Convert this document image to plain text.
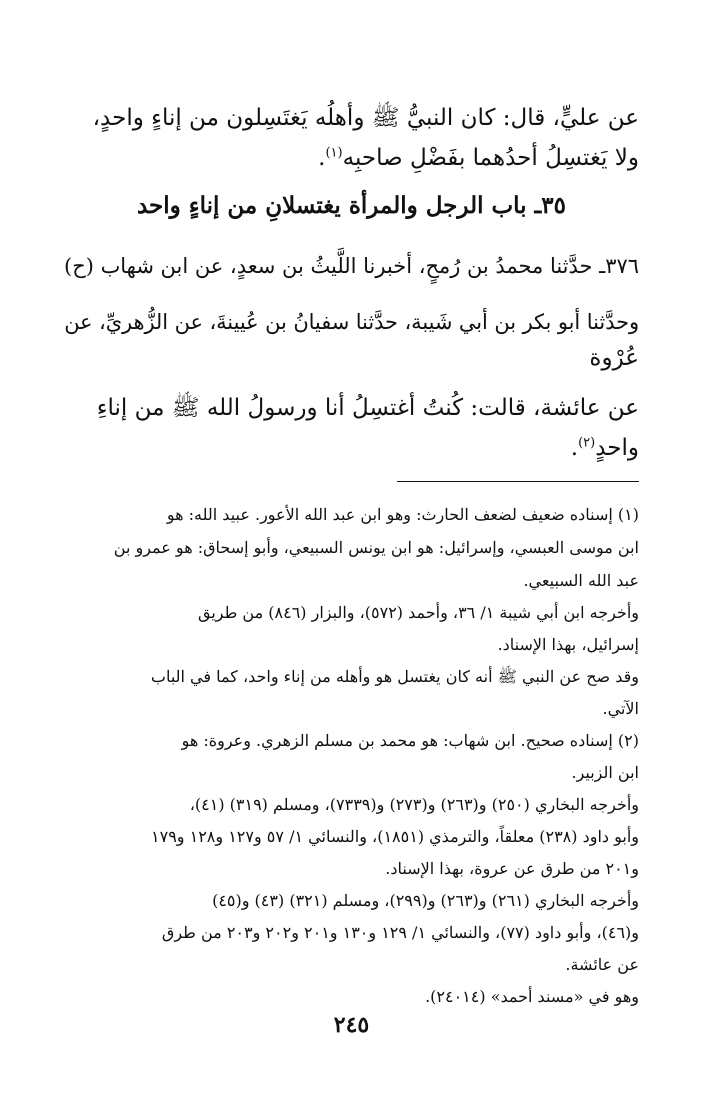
عن عليٍّ، قال: كان النبيُّ ﷺ وأهلُه يَغتَسِلون من إناءٍ واحدٍ،
ولا يَغتسِلُ أحدُهما بفَضْلِ صاحبِه$^{(١)}$.
٣٥ـ باب الرجل والمرأة يغتسلانِ من إناءٍ واحد
٣٧٦ـ حدَّثنا محمدُ بن رُمحٍ، أخبرنا اللَّيثُ بن سعدٍ، عن ابن شهاب (ح)
وحدَّثنا أبو بكر بن أبي شَيبة، حدَّثنا سفيانُ بن عُيينةَ، عن الزُّهريِّ، عن
عُرْوة
عن عائشة، قالت: كُنتُ أغتسِلُ أنا ورسولُ الله ﷺ من إناءِ
واحدٍ$^{(٢)}$.
(١) إسناده ضعيف لضعف الحارث: وهو ابن عبد الله الأعور. عبيد الله: هو
ابن موسى العبسي، وإسرائيل: هو ابن يونس السبيعي، وأبو إسحاق: هو عمرو بن
عبد الله السبيعي.
وأخرجه ابن أبي شيبة ١/ ٣٦، وأحمد (٥٧٢)، والبزار (٨٤٦) من طريق
إسرائيل، بهذا الإسناد.
وقد صح عن النبي ﷺ أنه كان يغتسل هو وأهله من إناء واحد، كما في الباب
الآتي.
(٢) إسناده صحيح. ابن شهاب: هو محمد بن مسلم الزهري. وعروة: هو
ابن الزبير.
وأخرجه البخاري (٢٥٠) و(٢٦٣) و(٢٧٣) و(٧٣٣٩)، ومسلم (٣١٩) (٤١)،
وأبو داود (٢٣٨) معلقاً، والترمذي (١٨٥١)، والنسائي ١/ ٥٧ و١٢٧ و١٢٨ و١٧٩
و٢٠١ من طرق عن عروة، بهذا الإسناد.
وأخرجه البخاري (٢٦١) و(٢٦٣) و(٢٩٩)، ومسلم (٣٢١) (٤٣) و(٤٥)
و(٤٦)، وأبو داود (٧٧)، والنسائي ١/ ١٢٩ و١٣٠ و٢٠١ و٢٠٢ و٢٠٣ من طرق
عن عائشة.
وهو في «مسند أحمد» (٢٤٠١٤).
٢٤٥
